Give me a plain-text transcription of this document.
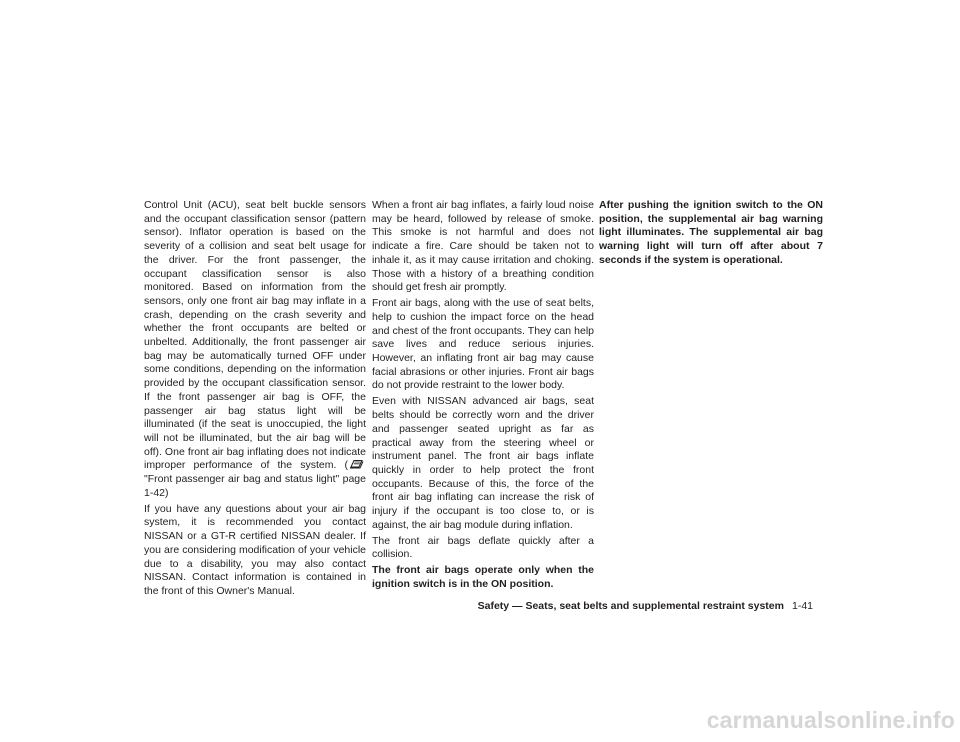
Control Unit (ACU), seat belt buckle sensors and the occupant classification sensor (pattern sensor). Inflator operation is based on the severity of a collision and seat belt usage for the driver. For the front passenger, the occupant classification sensor is also monitored. Based on information from the sensors, only one front air bag may inflate in a crash, depending on the crash severity and whether the front occupants are belted or unbelted. Additionally, the front passenger air bag may be automatically turned OFF under some conditions, depending on the information provided by the occupant classification sensor. If the front passenger air bag is OFF, the passenger air bag status light will be illuminated (if the seat is unoccupied, the light will not be illuminated, but the air bag will be off). One front air bag inflating does not indicate improper performance of the system. ("Front passenger air bag and status light" page 1-42)

If you have any questions about your air bag system, it is recommended you contact NISSAN or a GT-R certified NISSAN dealer. If you are considering modification of your vehicle due to a disability, you may also contact NISSAN. Contact information is contained in the front of this Owner's Manual.

When a front air bag inflates, a fairly loud noise may be heard, followed by release of smoke. This smoke is not harmful and does not indicate a fire. Care should be taken not to inhale it, as it may cause irritation and choking. Those with a history of a breathing condition should get fresh air promptly.

Front air bags, along with the use of seat belts, help to cushion the impact force on the head and chest of the front occupants. They can help save lives and reduce serious injuries. However, an inflating front air bag may cause facial abrasions or other injuries. Front air bags do not provide restraint to the lower body.

Even with NISSAN advanced air bags, seat belts should be correctly worn and the driver and passenger seated upright as far as practical away from the steering wheel or instrument panel. The front air bags inflate quickly in order to help protect the front occupants. Because of this, the force of the front air bag inflating can increase the risk of injury if the occupant is too close to, or is against, the air bag module during inflation.

The front air bags deflate quickly after a collision.

The front air bags operate only when the ignition switch is in the ON position.

After pushing the ignition switch to the ON position, the supplemental air bag warning light illuminates. The supplemental air bag warning light will turn off after about 7 seconds if the system is operational.

Safety — Seats, seat belts and supplemental restraint system 1-41
carmanualsonline.info
